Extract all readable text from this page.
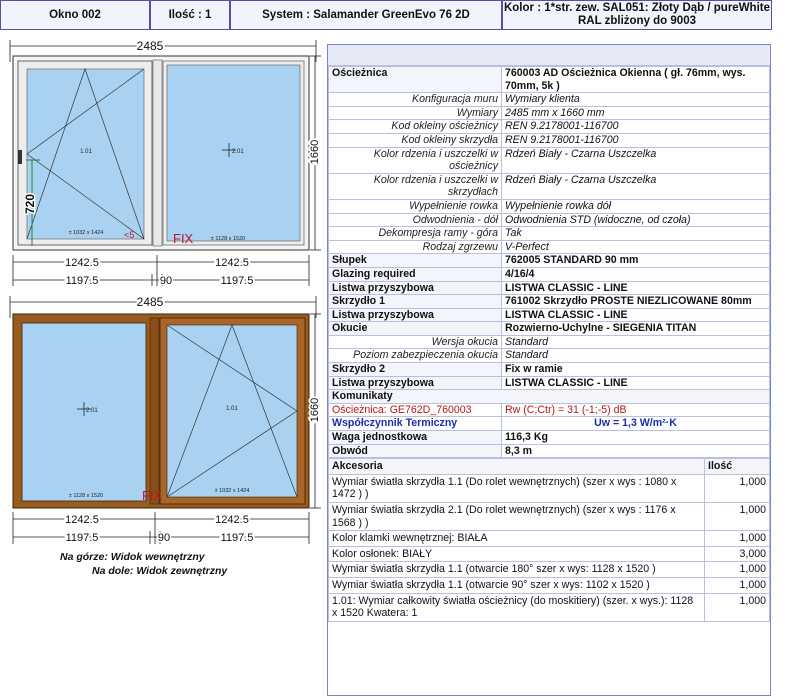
Okno 002	Ilość : 1	System : Salamander GreenEvo 76 2D
Kolor : 1*str. zew. SAL051: Złoty Dąb / pureWhite
RAL zbliżony do 9003
2485
1.01
± 1032 x 1424
720
2.01
± 1128 x 1520
<5	FIX
1660
1242.5	1242.5
1197.5	90	1197.5
2485
2.01
± 1128 x 1520
1.01
± 1032 x 1424
FIX
1660
1242.5	1242.5
1197.5	90	1197.5
Na górze: Widok wewnętrzny
Na dole: Widok zewnętrzny
Ościeżnica	760003 AD Ościeżnica Okienna ( gł. 76mm, wys. 70mm, 5k )
Konfiguracja muru	Wymiary klienta
Wymiary	2485 mm x 1660 mm
Kod okleiny ościeżnicy	REN 9.2178001-116700
Kod okleiny skrzydła	REN 9.2178001-116700
Kolor rdzenia i uszczelki w ościeżnicy	Rdzeń Biały - Czarna Uszczelka
Kolor rdzenia i uszczelki w skrzydłach	Rdzeń Biały - Czarna Uszczelka
Wypełnienie rowka	Wypełnienie rowka dół
Odwodnienia - dół	Odwodnienia STD (widoczne, od czoła)
Dekompresja ramy - góra	Tak
Rodzaj zgrzewu	V-Perfect
Słupek	762005 STANDARD 90 mm
Glazing required	4/16/4
Listwa przyszybowa	LISTWA CLASSIC - LINE
Skrzydło 1	761002 Skrzydło PROSTE NIEZLICOWANE 80mm
Listwa przyszybowa	LISTWA CLASSIC - LINE
Okucie	Rozwierno-Uchylne - SIEGENIA TITAN
Wersja okucia	Standard
Poziom zabezpieczenia okucia	Standard
Skrzydło 2	Fix w ramie
Listwa przyszybowa	LISTWA CLASSIC - LINE
Komunikaty	
Ościeżnica: GE762D_760003	Rw (C;Ctr) = 31 (-1;-5) dB
Współczynnik Termiczny	Uw = 1,3 W/m²·K
Waga jednostkowa	116,3 Kg
Obwód	8,3 m
Akcesoria	Ilość
Wymiar światła skrzydła 1.1 (Do rolet wewnętrznych) (szer x wys : 1080 x 1472 ) )	1,000
Wymiar światła skrzydła 2.1 (Do rolet wewnętrznych) (szer x wys : 1176 x 1568 ) )	1,000
Kolor klamki wewnętrznej: BIAŁA	1,000
Kolor osłonek: BIAŁY	3,000
Wymiar światła skrzydła 1.1 (otwarcie 180° szer x wys: 1128 x 1520 )	1,000
Wymiar światła skrzydła 1.1 (otwarcie 90° szer x wys: 1102 x 1520 )	1,000
1.01: Wymiar całkowity światła ościeżnicy (do moskitiery) (szer. x wys.): 1128 x 1520 Kwatera: 1	1,000
